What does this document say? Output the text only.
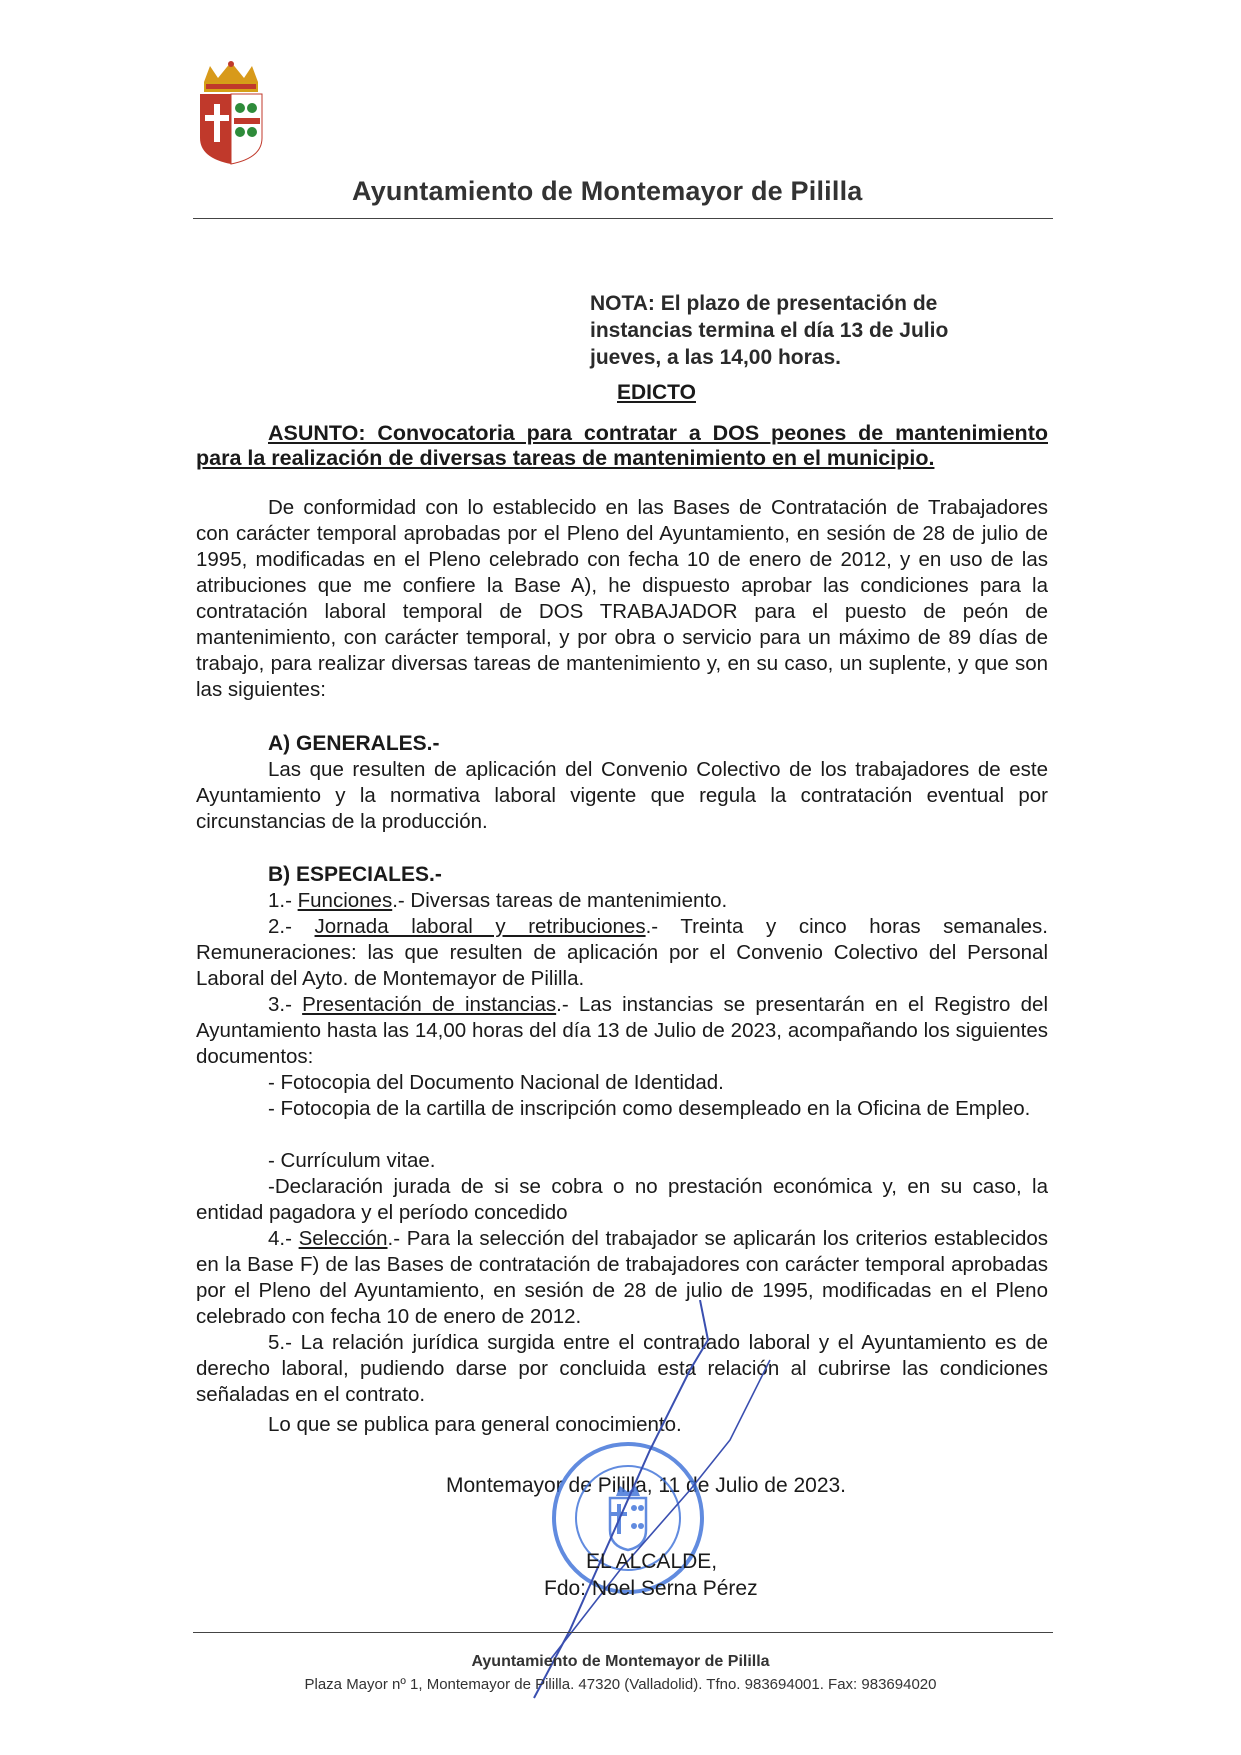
Ayuntamiento de Montemayor de Pililla
NOTA: El plazo de presentación de instancias termina el día 13 de Julio jueves, a las 14,00 horas.
EDICTO
ASUNTO: Convocatoria para contratar a DOS peones de mantenimiento para la realización de diversas tareas de mantenimiento en el municipio.
De conformidad con lo establecido en las Bases de Contratación de Trabajadores con carácter temporal aprobadas por el Pleno del Ayuntamiento, en sesión de 28 de julio de 1995, modificadas en el Pleno celebrado con fecha 10 de enero de 2012, y en uso de las atribuciones que me confiere la Base A), he dispuesto aprobar las condiciones para la contratación laboral temporal de DOS TRABAJADOR para el puesto de peón de mantenimiento, con carácter temporal, y por obra o servicio para un máximo de 89 días de trabajo, para realizar diversas tareas de mantenimiento y, en su caso, un suplente, y que son las siguientes:
A) GENERALES.-
Las que resulten de aplicación del Convenio Colectivo de los trabajadores de este Ayuntamiento y la normativa laboral vigente que regula la contratación eventual por circunstancias de la producción.
B) ESPECIALES.-
1.- Funciones.- Diversas tareas de mantenimiento.
2.- Jornada laboral y retribuciones.- Treinta y cinco horas semanales. Remuneraciones: las que resulten de aplicación por el Convenio Colectivo del Personal Laboral del Ayto. de Montemayor de Pililla.
3.- Presentación de instancias.- Las instancias se presentarán en el Registro del Ayuntamiento hasta las 14,00 horas del día 13 de Julio de 2023, acompañando los siguientes documentos:
- Fotocopia del Documento Nacional de Identidad.
- Fotocopia de la cartilla de inscripción como desempleado en la Oficina de Empleo.
- Currículum vitae.
-Declaración jurada de si se cobra o no prestación económica y, en su caso, la entidad pagadora y el período concedido
4.- Selección.- Para la selección del trabajador se aplicarán los criterios establecidos en la Base F) de las Bases de contratación de trabajadores con carácter temporal aprobadas por el Pleno del Ayuntamiento, en sesión de 28 de julio de 1995, modificadas en el Pleno celebrado con fecha 10 de enero de 2012.
5.- La relación jurídica surgida entre el contratado laboral y el Ayuntamiento es de derecho laboral, pudiendo darse por concluida esta relación al cubrirse las condiciones señaladas en el contrato.
Lo que se publica para general conocimiento.
Montemayor de Pililla, 11 de Julio de 2023.
EL ALCALDE,
Fdo: Noel Serna Pérez
Ayuntamiento de Montemayor de Pililla
Plaza Mayor nº 1, Montemayor de Pililla. 47320 (Valladolid). Tfno. 983694001. Fax: 983694020
